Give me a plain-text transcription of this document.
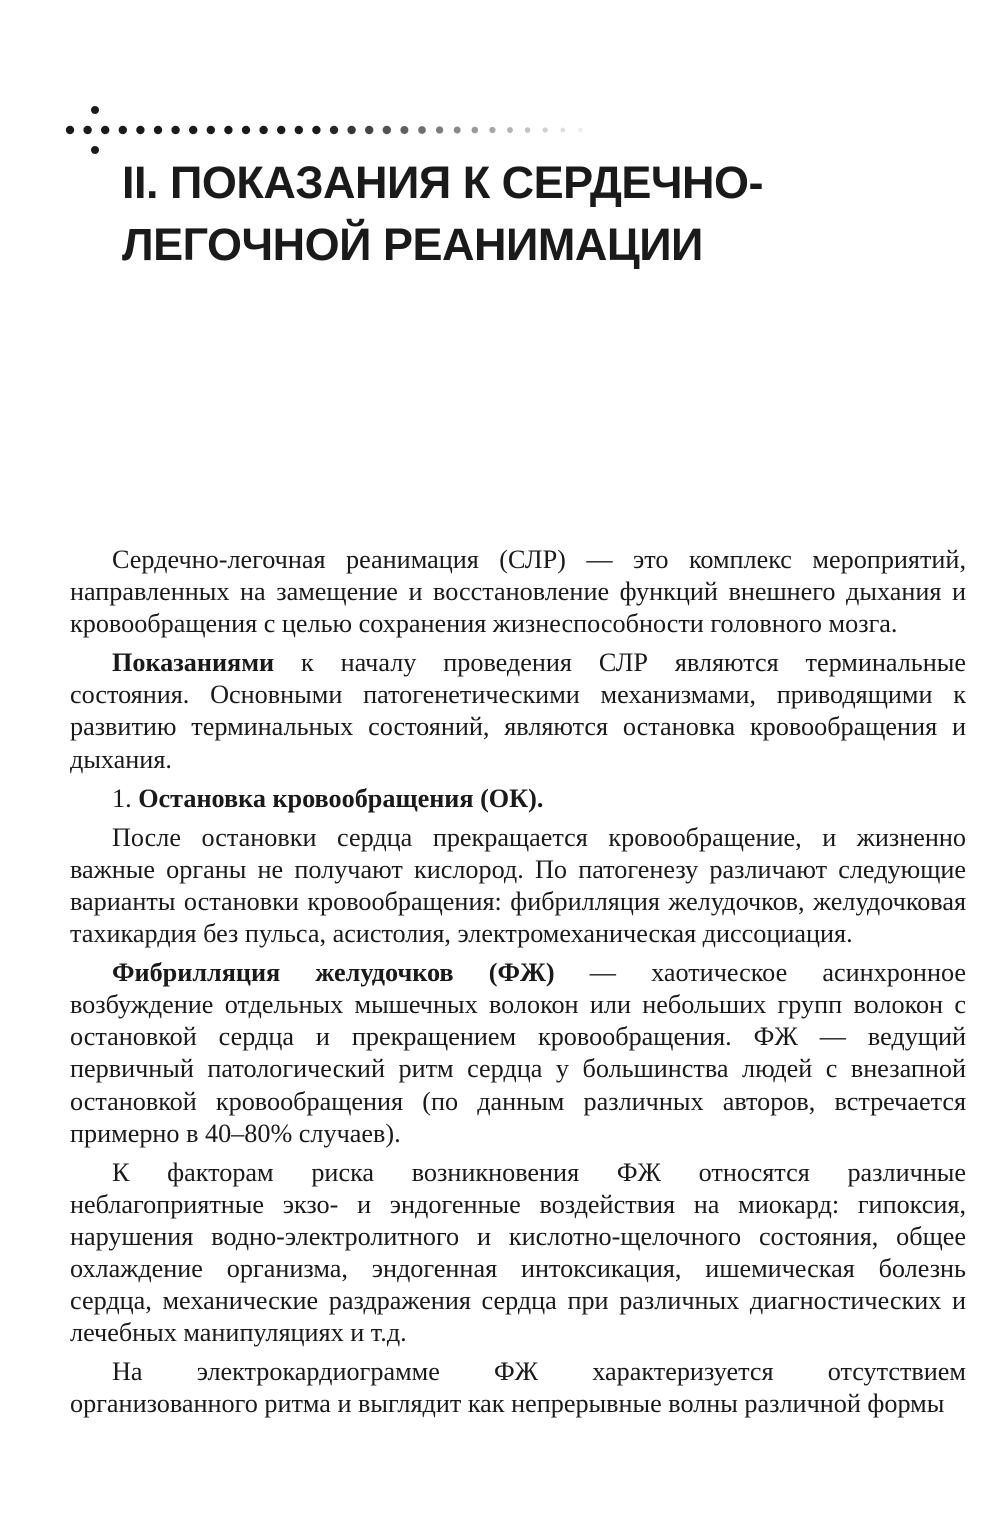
II. ПОКАЗАНИЯ К СЕРДЕЧНО-
ЛЕГОЧНОЙ РЕАНИМАЦИИ

Сердечно-легочная реанимация (СЛР) — это комплекс мероприятий, направленных на замещение и восстановление функций внешнего дыхания и кровообращения с целью сохранения жизнеспособности головного мозга.

Показаниями к началу проведения СЛР являются терминальные состояния. Основными патогенетическими механизмами, приводящими к развитию терминальных состояний, являются остановка кровообращения и дыхания.

1. Остановка кровообращения (ОК).

После остановки сердца прекращается кровообращение, и жизненно важные органы не получают кислород. По патогенезу различают следующие варианты остановки кровообращения: фибрилляция желудочков, желудочковая тахикардия без пульса, асистолия, электромеханическая диссоциация.

Фибрилляция желудочков (ФЖ) — хаотическое асинхронное возбуждение отдельных мышечных волокон или небольших групп волокон с остановкой сердца и прекращением кровообращения. ФЖ — ведущий первичный патологический ритм сердца у большинства людей с внезапной остановкой кровообращения (по данным различных авторов, встречается примерно в 40–80% случаев).

К факторам риска возникновения ФЖ относятся различные неблагоприятные экзо- и эндогенные воздействия на миокард: гипоксия, нарушения водно-электролитного и кислотно-щелочного состояния, общее охлаждение организма, эндогенная интоксикация, ишемическая болезнь сердца, механические раздражения сердца при различных диагностических и лечебных манипуляциях и т.д.

На электрокардиограмме ФЖ характеризуется отсутствием организованного ритма и выглядит как непрерывные волны различной формы
